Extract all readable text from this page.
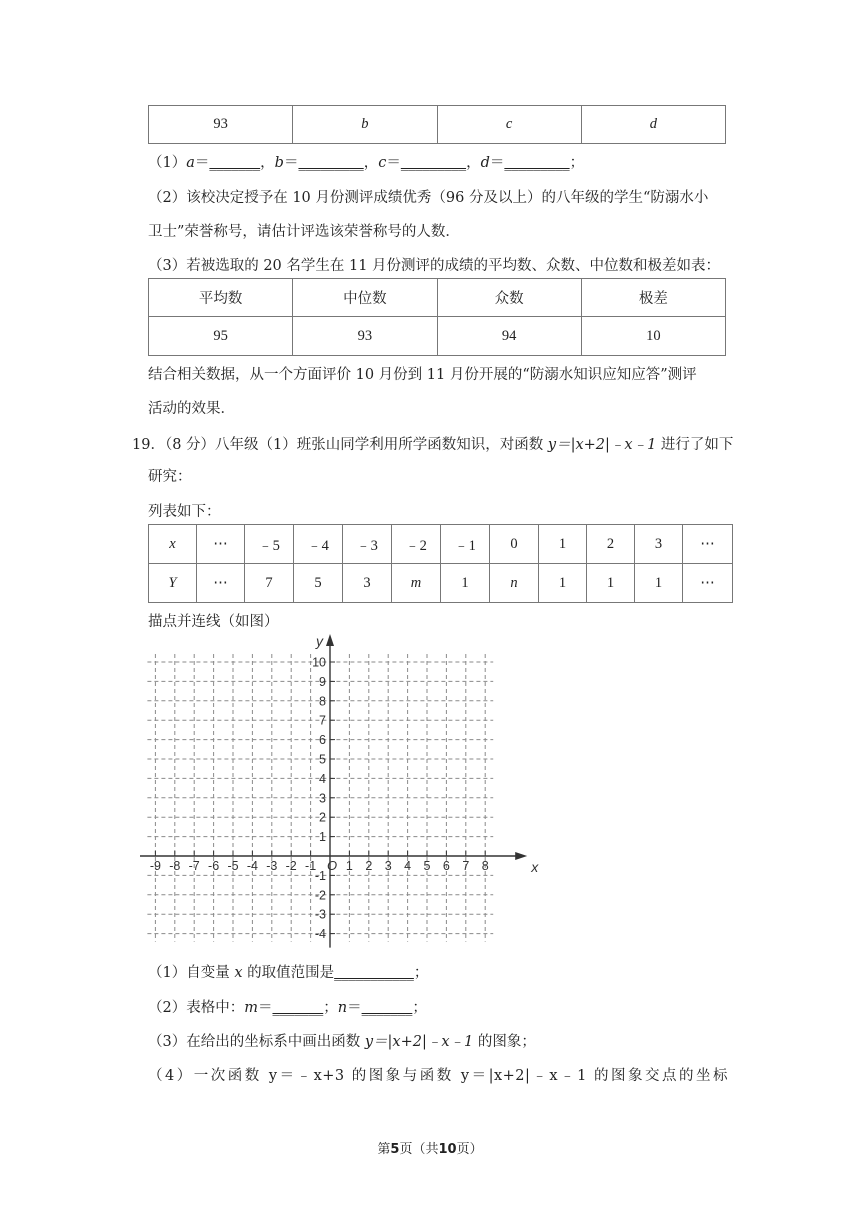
93	b	c	d
（1）a＝_______，b＝_________，c＝_________，d＝_________；
（2）该校决定授予在 10 月份测评成绩优秀（96 分及以上）的八年级的学生“防溺水小
卫士”荣誉称号，请估计评选该荣誉称号的人数．
（3）若被选取的 20 名学生在 11 月份测评的成绩的平均数、众数、中位数和极差如表：
平均数	中位数	众数	极差
95	93	94	10
结合相关数据，从一个方面评价 10 月份到 11 月份开展的“防溺水知识应知应答”测评
活动的效果．
19．（8 分）八年级（1）班张山同学利用所学函数知识，对函数 y＝|x+2|﹣x﹣1 进行了如下
研究：
列表如下：
x	⋯	﹣5	﹣4	﹣3	﹣2	﹣1	0	1	2	3	⋯
Y	⋯	7	5	3	m	1	n	1	1	1	⋯
描点并连线（如图）
x
y
O
-9 -8 -7 -6 -5 -4 -3 -2 -1 1 2 3 4 5 6 7 8
10
9
8
7
6
5
4
3
2
1
-1
-2
-3
-4
（1）自变量 x 的取值范围是___________；
（2）表格中：m＝_______；n＝_______；
（3）在给出的坐标系中画出函数 y＝|x+2|﹣x﹣1 的图象；
（4）一次函数 y＝﹣x+3 的图象与函数 y＝|x+2|﹣x﹣1 的图象交点的坐标
第5页（共10页）
